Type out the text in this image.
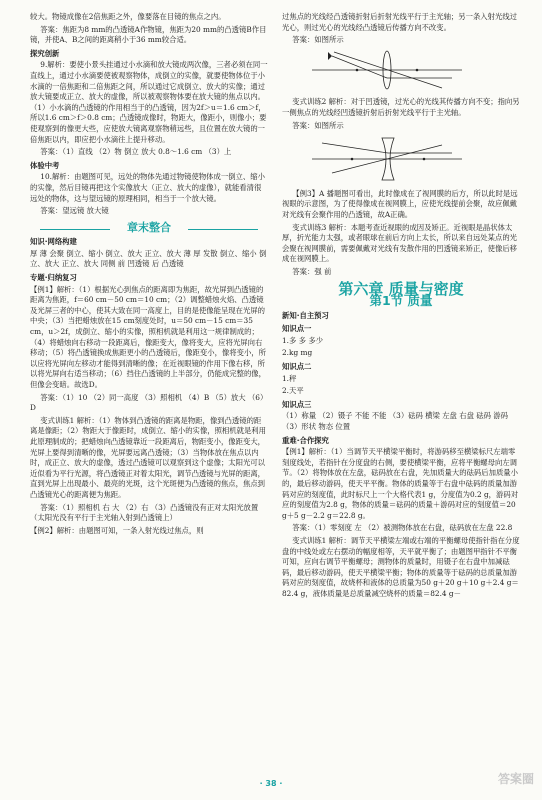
较大。物镜成像在2倍焦距之外，像要落在目镜的焦点之内。

答案：焦距为8 mm的凸透镜A作物镜，焦距为20 mm的凸透镜B作目镜，并使A、B之间的距离稍小于36 mm较合适。

探究创新

9.解析：要使小景头挂通过小水滴和放大镜成两次像，三者必须在同一直线上，通过小水滴要使被观察物体，成倒立的实像，就要使物体位于小水滴的一倍焦距和二倍焦距之间，所以通过它成倒立、放大的实像；通过放大镜要成正立、放大的虚像，所以被观察物体要在放大镜的焦点以内。（1）小水滴的凸透镜的作用相当于的凸透镜，因为2f＞u＝1.6 cm＞f，所以1.6 cm＞f＞0.8 cm；凸透镜成像时，物距大，像距小，则像小；要使观察到的像更大些，应使放大镜离观察物稍远些，且位置在放大镜的一倍焦距以内，即应把小水滴往上提升移动。

答案：（1）直线 （2）物 倒立 放大 0.8～1.6 cm （3）上

体验中考

10.解析：由题图可见，远处的物体先通过物镜使物体成一倒立、缩小的实像，然后目镜再把这个实像放大（正立、放大的虚像），就能看清很远处的物体，这与望远镜的原理相同，相当于一个放大镜。

答案：望远镜 放大镜

章末整合

知识·网络构建

厚 薄 会聚 倒立、缩小 倒立、放大 正立、放大 薄 厚 发散 倒立、缩小 倒立、放大 正立、放大 同侧 前 凹透镜 后 凸透镜

专题·归纳复习

【例1】解析：（1）根据光心到焦点的距离即为焦距，故光屏到凸透镜的距离为焦距，f＝60 cm－50 cm＝10 cm；（2）调整蜡烛火焰、凸透镜及光屏三者的中心，使其大致在同一高度上，目的是使像能呈现在光屏的中央；（3）当把蜡烛放在15 cm刻度处时，u＝50 cm－15 cm＝35 cm，u＞2f，成倒立、缩小的实像，照相机就是利用这一规律制成的；（4）将蜡烛向右移动一段距离后，像距变大，像将变大，应将光屏向右移动；（5）将凸透镜换成焦距更小的凸透镜后，像距变小，像将变小，所以应将光屏向左移动才能得到清晰的像；在近视眼镜的作用下像右移，所以将光屏向右适当移动；（6）挡住凸透镜的上半部分，仍能成完整的像，但像会变暗。故选D。

答案：（1）10 （2）同一高度 （3）照相机 （4）B （5）放大 （6）D

变式训练1 解析：（1）物体到凸透镜的距离是物距，像到凸透镜的距离是像距；（2）物距大于像距时，成倒立、缩小的实像，照相机就是利用此原理制成的；把蜡烛向凸透镜靠近一段距离后，物距变小，像距变大，光屏上要得到清晰的像，光屏要远离凸透镜；（3）当物体放在焦点以内时，成正立、放大的虚像，透过凸透镜可以观察到这个虚像；太阳光可以近似看为平行光源，将凸透镜正对着太阳光，调节凸透镜与光屏的距离，直到光屏上出现最小、最亮的光斑，这个光斑便为凸透镜的焦点，焦点到凸透镜光心的距离便为焦距。

答案：（1）照相机 右 大 （2）右 （3）凸透镜没有正对太阳光放置（太阳光没有平行于主光轴入射到凸透镜上）

【例2】解析：由题图可知，一条入射光线过焦点，则

过焦点的光线经凸透镜折射后折射光线平行于主光轴；另一条入射光线过光心，则过光心的光线经凸透镜后传播方向不改变。

答案：如图所示

变式训练2 解析：对于凹透镜，过光心的光线其传播方向不变；指向另一侧焦点的光线经凹透镜折射后折射光线平行于主光轴。

答案：如图所示

【例3】A 播题图可看出，此时像成在了视网膜的后方，所以此时是远视眼的示意图，为了使得像成在视网膜上，应使光线提前会聚，故应佩戴对光线有会聚作用的凸透镜，故A正确。

变式训练3 解析：本题考查近视眼的成因及矫正。近视眼是晶状体太厚，折光能力太强，或者眼球在前后方向上太长，所以来自远处某点的光会聚在视网膜前，需要佩戴对光线有发散作用的凹透镜来矫正，使像后移成在视网膜上。

答案：强 前

第六章 质量与密度
第1节 质量

新知·自主预习

知识点一

1.多 多 多少

2.kg mg

知识点二

1.秤

2.天平

知识点三

（1）称量 （2）镊子 不能 不能 （3）砝码 横梁 左盘 右盘 砝码 游码 （3）形状 物态 位置

重难·合作探究

【例1】解析：（1）当调节天平横梁平衡时，将游码移至横梁标尺左端零刻度线处，若指针在分度盘的右侧，要使横梁平衡，应将平衡螺母向左调节。（2）将物体放在左盘，砝码放在右盘，先加质量大的砝码后加质量小的，最后移动游码，使天平平衡。物体的质量等于右盘中砝码的质量加游码对应的刻度值，此时标尺上一个大格代表1 g，分度值为0.2 g，游码对应的刻度值为2.8 g，物体的质量＝砝码的质量＋游码对应的刻度值＝20 g＋5 g－2.2 g＝22.8 g。

答案：（1）零刻度 左 （2）被测物体放在右盘，砝码放在左盘 22.8

变式训练1 解析：调节天平横梁左端或右端的平衡螺母使指针指在分度盘的中线处或左右摆动的幅度相等，天平就平衡了；由题图甲指针不平衡可知，应向右调节平衡螺母；测物体的质量时，用镊子在右盘中加减砝码，最后移动游码，使天平横梁平衡；物体的质量等于砝码的总质量加游码对应的刻度值，故烧杯和液体的总质量为50 g＋20 g＋10 g＋2.4 g＝82.4 g，液体质量是总质量减空烧杯的质量＝82.4 g－

· 38 ·	答案圈
